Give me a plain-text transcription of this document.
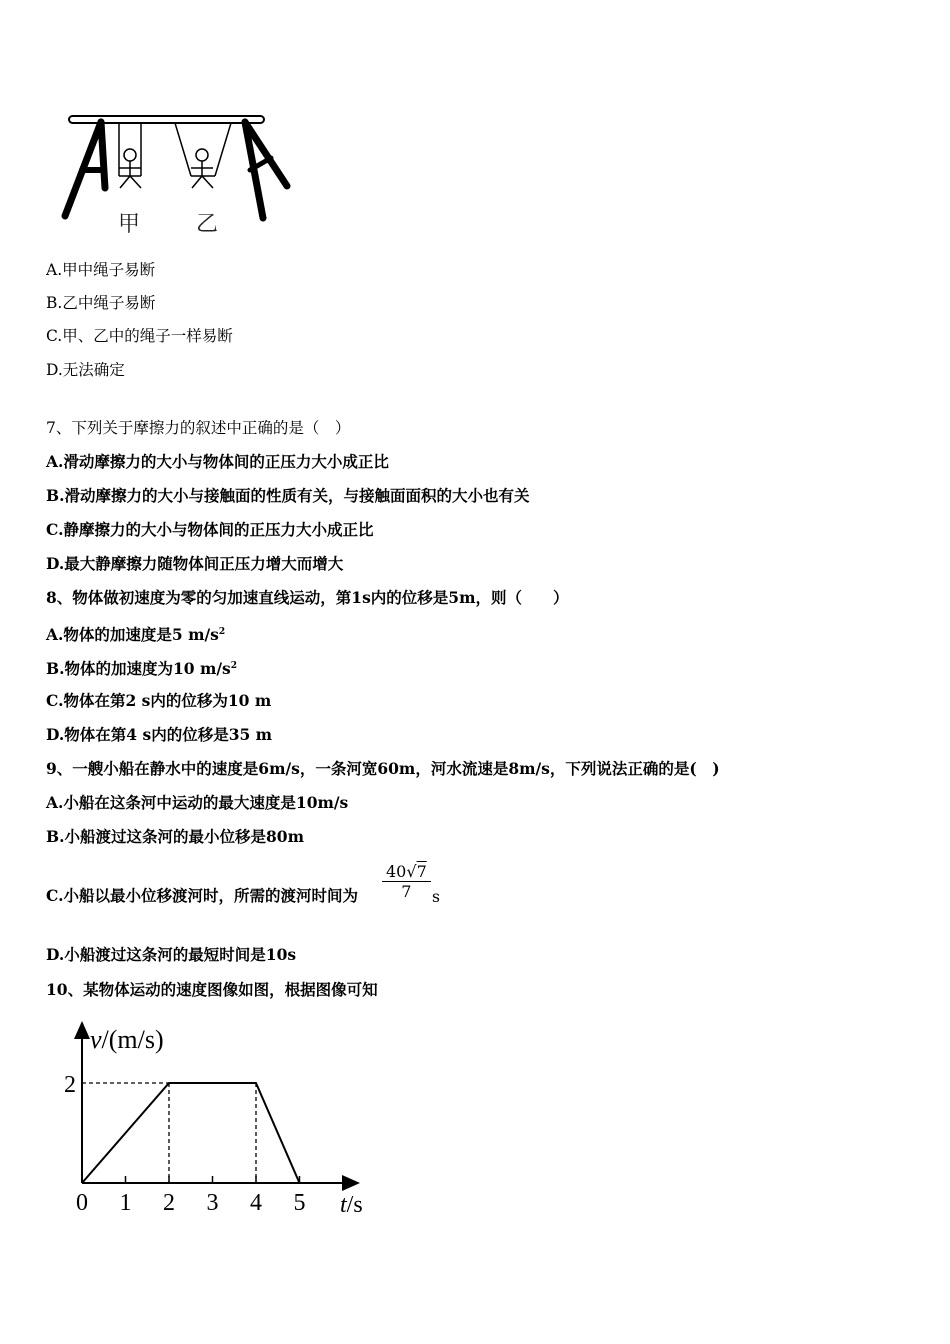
甲	乙
A.甲中绳子易断
B.乙中绳子易断
C.甲、乙中的绳子一样易断
D.无法确定
7、下列关于摩擦力的叙述中正确的是（　）
A.滑动摩擦力的大小与物体间的正压力大小成正比
B.滑动摩擦力的大小与接触面的性质有关，与接触面面积的大小也有关
C.静摩擦力的大小与物体间的正压力大小成正比
D.最大静摩擦力随物体间正压力增大而增大
8、物体做初速度为零的匀加速直线运动，第1s内的位移是5m，则（　　）
A.物体的加速度是5 $m/s^2$
B.物体的加速度为10 $m/s^2$
C.物体在第2 s内的位移为10 m
D.物体在第4 s内的位移是35 m
9、一艘小船在静水中的速度是6m/s，一条河宽60m，河水流速是8m/s，下列说法正确的是(　)
A.小船在这条河中运动的最大速度是10m/s
B.小船渡过这条河的最小位移是80m
C.小船以最小位移渡河时，所需的渡河时间为 $\frac{40√7}{7}$ s
D.小船渡过这条河的最短时间是10s
10、某物体运动的速度图像如图，根据图像可知
0 1 2 3 4 5
2
v/(m/s)
t/s
